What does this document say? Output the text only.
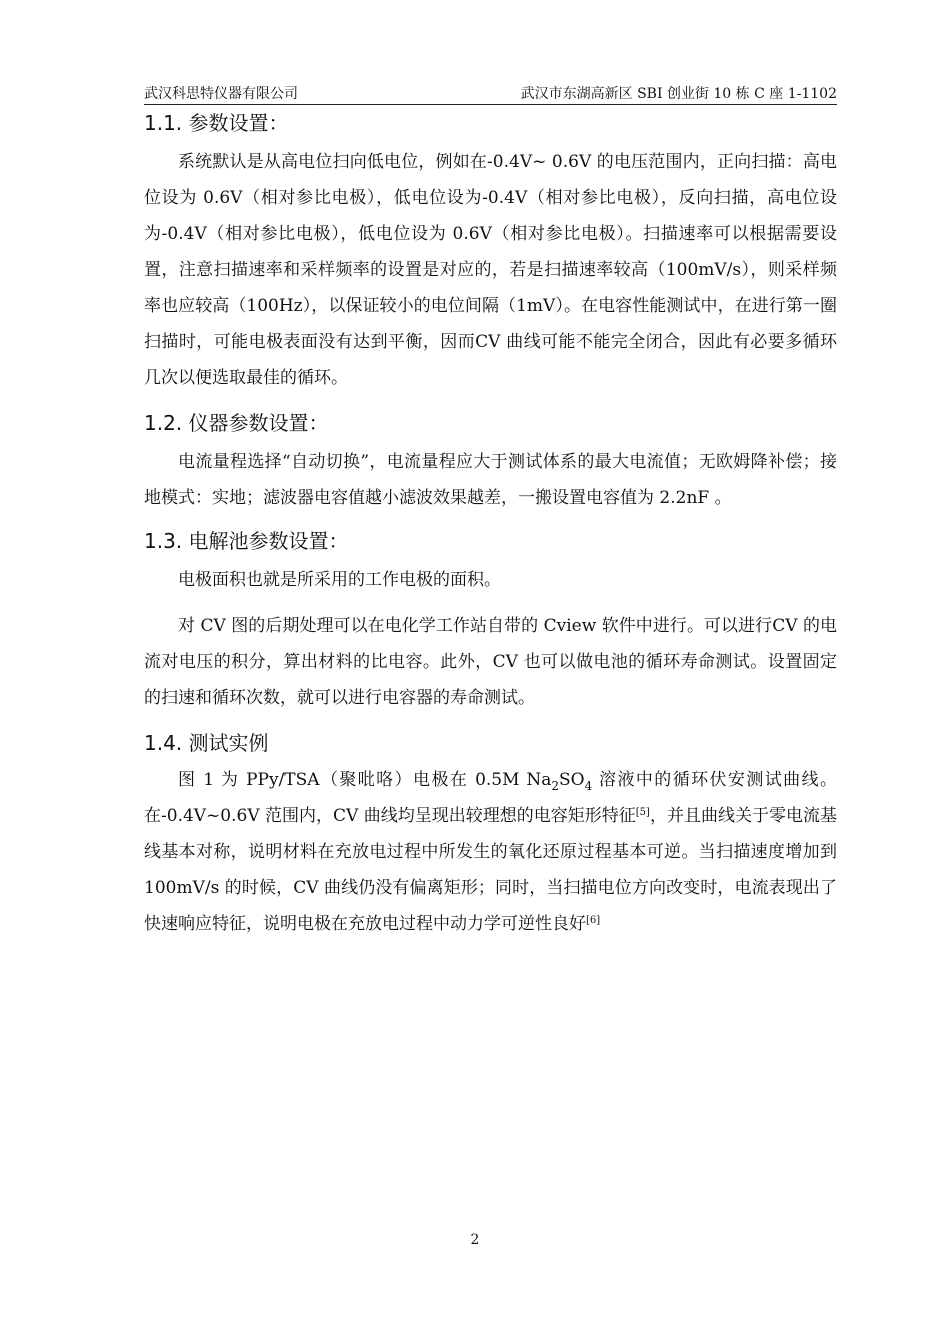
武汉科思特仪器有限公司	武汉市东湖高新区 SBI 创业街 10 栋 C 座 1-1102
1.1. 参数设置：

系统默认是从高电位扫向低电位，例如在-0.4V~ 0.6V 的电压范围内，正向扫描：高电位设为 0.6V（相对参比电极），低电位设为-0.4V（相对参比电极），反向扫描，高电位设为-0.4V（相对参比电极），低电位设为 0.6V（相对参比电极）。扫描速率可以根据需要设置，注意扫描速率和采样频率的设置是对应的，若是扫描速率较高（100mV/s），则采样频率也应较高（100Hz），以保证较小的电位间隔（1mV）。在电容性能测试中，在进行第一圈扫描时，可能电极表面没有达到平衡，因而CV 曲线可能不能完全闭合，因此有必要多循环几次以便选取最佳的循环。

1.2. 仪器参数设置：

电流量程选择“自动切换”，电流量程应大于测试体系的最大电流值；无欧姆降补偿；接地模式：实地；滤波器电容值越小滤波效果越差，一搬设置电容值为 2.2nF 。

1.3. 电解池参数设置：

电极面积也就是所采用的工作电极的面积。

对 CV 图的后期处理可以在电化学工作站自带的 Cview 软件中进行。可以进行CV 的电流对电压的积分，算出材料的比电容。此外，CV 也可以做电池的循环寿命测试。设置固定的扫速和循环次数，就可以进行电容器的寿命测试。

1.4. 测试实例

图 1 为 PPy/TSA（聚吡咯）电极在 0.5M $Na_2SO_4$ 溶液中的循环伏安测试曲线。在-0.4V~0.6V 范围内，CV 曲线均呈现出较理想的电容矩形特征[5]，并且曲线关于零电流基线基本对称，说明材料在充放电过程中所发生的氧化还原过程基本可逆。当扫描速度增加到 100mV/s 的时候，CV 曲线仍没有偏离矩形；同时，当扫描电位方向改变时，电流表现出了快速响应特征，说明电极在充放电过程中动力学可逆性良好[6]

2
